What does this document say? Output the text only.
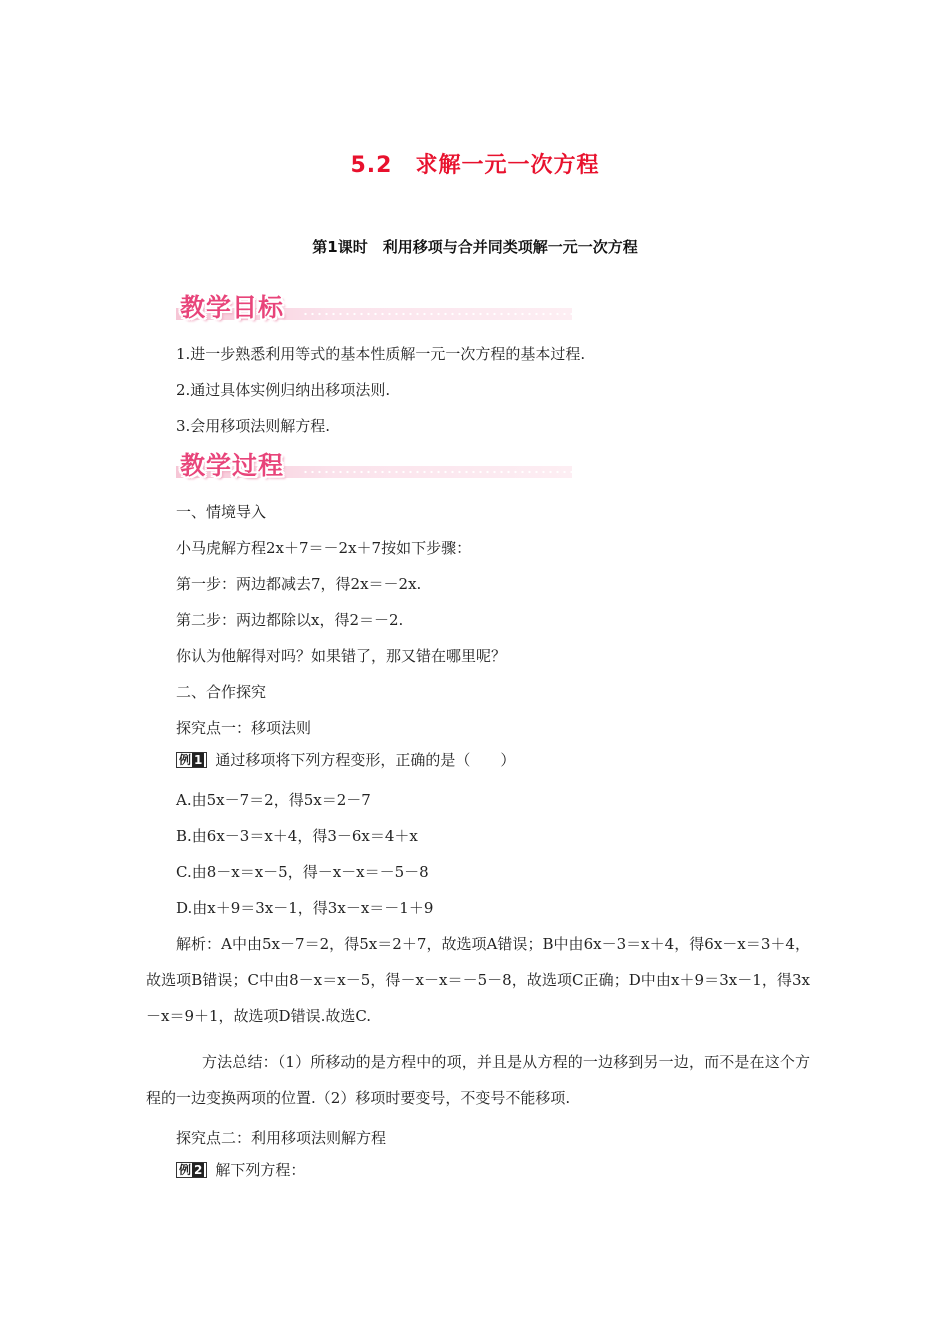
5.2　求解一元一次方程
第1课时　利用移项与合并同类项解一元一次方程
教学目标
1.进一步熟悉利用等式的基本性质解一元一次方程的基本过程.
2.通过具体实例归纳出移项法则.
3.会用移项法则解方程.
教学过程
一、情境导入
小马虎解方程2x＋7＝－2x＋7按如下步骤：
第一步：两边都减去7，得2x＝－2x.
第二步：两边都除以x，得2＝－2.
你认为他解得对吗？如果错了，那又错在哪里呢？
二、合作探究
探究点一：移项法则
例 1 通过移项将下列方程变形，正确的是（　　）
A.由5x－7＝2，得5x＝2－7
B.由6x－3＝x＋4，得3－6x＝4＋x
C.由8－x＝x－5，得－x－x＝－5－8
D.由x＋9＝3x－1，得3x－x＝－1＋9
解析：A中由5x－7＝2，得5x＝2＋7，故选项A错误；B中由6x－3＝x＋4，得6x－x＝3＋4，故选项B错误；C中由8－x＝x－5，得－x－x＝－5－8，故选项C正确；D中由x＋9＝3x－1，得3x－x＝9＋1，故选项D错误.故选C.
方法总结：（1）所移动的是方程中的项，并且是从方程的一边移到另一边，而不是在这个方程的一边变换两项的位置.（2）移项时要变号，不变号不能移项.
探究点二：利用移项法则解方程
例 2 解下列方程：
